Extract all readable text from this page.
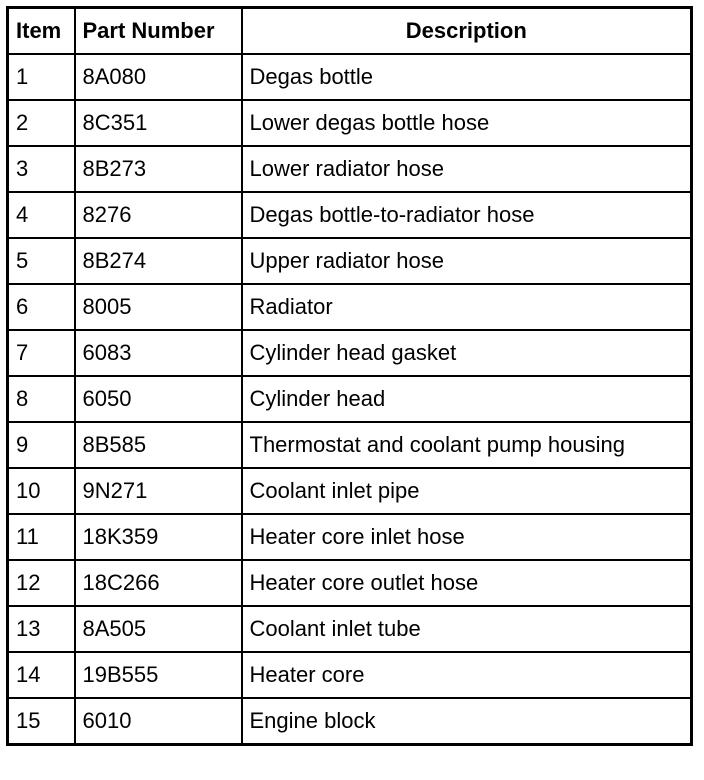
Item	Part Number	Description
1	8A080	Degas bottle
2	8C351	Lower degas bottle hose
3	8B273	Lower radiator hose
4	8276	Degas bottle-to-radiator hose
5	8B274	Upper radiator hose
6	8005	Radiator
7	6083	Cylinder head gasket
8	6050	Cylinder head
9	8B585	Thermostat and coolant pump housing
10	9N271	Coolant inlet pipe
11	18K359	Heater core inlet hose
12	18C266	Heater core outlet hose
13	8A505	Coolant inlet tube
14	19B555	Heater core
15	6010	Engine block
